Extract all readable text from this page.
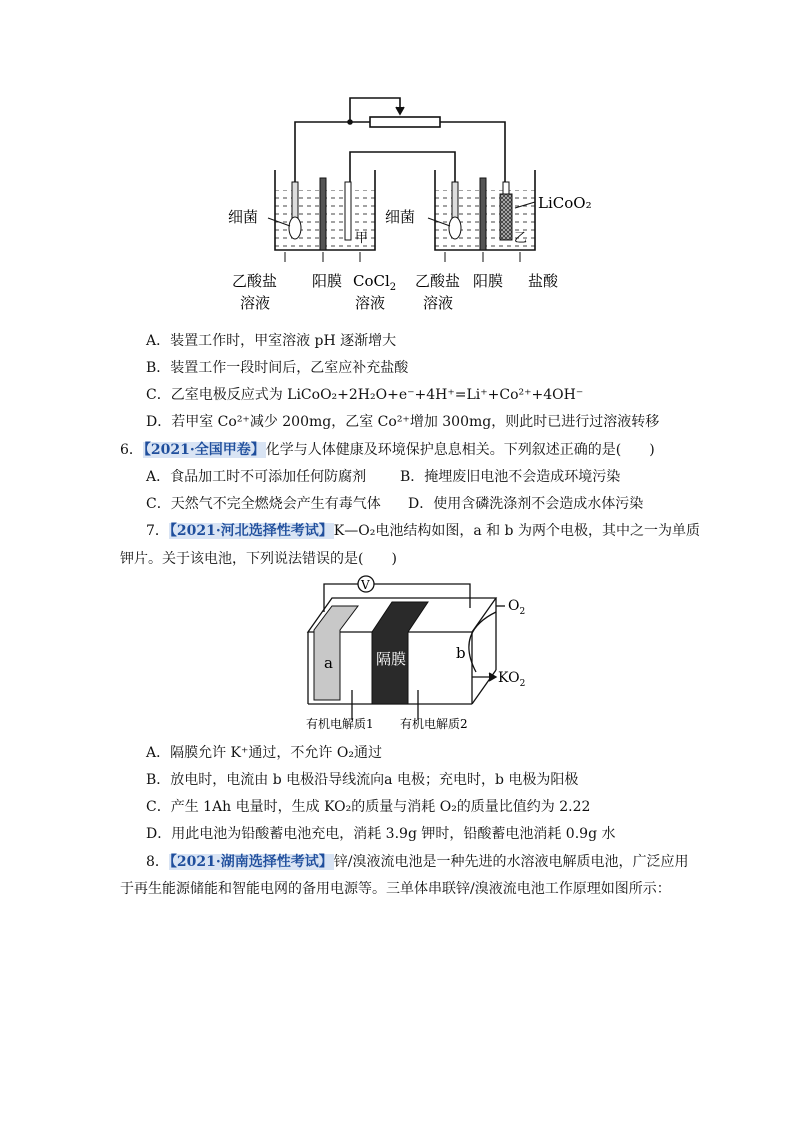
细菌	细菌
甲	乙
LiCoO₂
乙酸盐溶液
阳膜 CoCl$_2$ 溶液
乙酸盐溶液
阳膜 盐酸
A．装置工作时，甲室溶液 pH 逐渐增大
B．装置工作一段时间后，乙室应补充盐酸
C．乙室电极反应式为 LiCoO₂+2H₂O+e⁻+4H⁺=Li⁺+Co²⁺+4OH⁻
D．若甲室 Co²⁺减少 200mg，乙室 Co²⁺增加 300mg，则此时已进行过溶液转移
6．【2021·全国甲卷】化学与人体健康及环境保护息息相关。下列叙述正确的是(　　)
A．食品加工时不可添加任何防腐剂 B．掩埋废旧电池不会造成环境污染
C．天然气不完全燃烧会产生有毒气体 D．使用含磷洗涤剂不会造成水体污染
7．【2021·河北选择性考试】K—O₂电池结构如图，a 和 b 为两个电极，其中之一为单质
钾片。关于该电池，下列说法错误的是(　　)
V
a	隔膜	b
$O_2$
$KO_2$
有机电解质1 有机电解质2
A．隔膜允许 K⁺通过，不允许 O₂通过
B．放电时，电流由 b 电极沿导线流向a 电极；充电时，b 电极为阳极
C．产生 1Ah 电量时，生成 KO₂的质量与消耗 O₂的质量比值约为 2.22
D．用此电池为铅酸蓄电池充电，消耗 3.9g 钾时，铅酸蓄电池消耗 0.9g 水
8．【2021·湖南选择性考试】锌/溴液流电池是一种先进的水溶液电解质电池，广泛应用
于再生能源储能和智能电网的备用电源等。三单体串联锌/溴液流电池工作原理如图所示：
